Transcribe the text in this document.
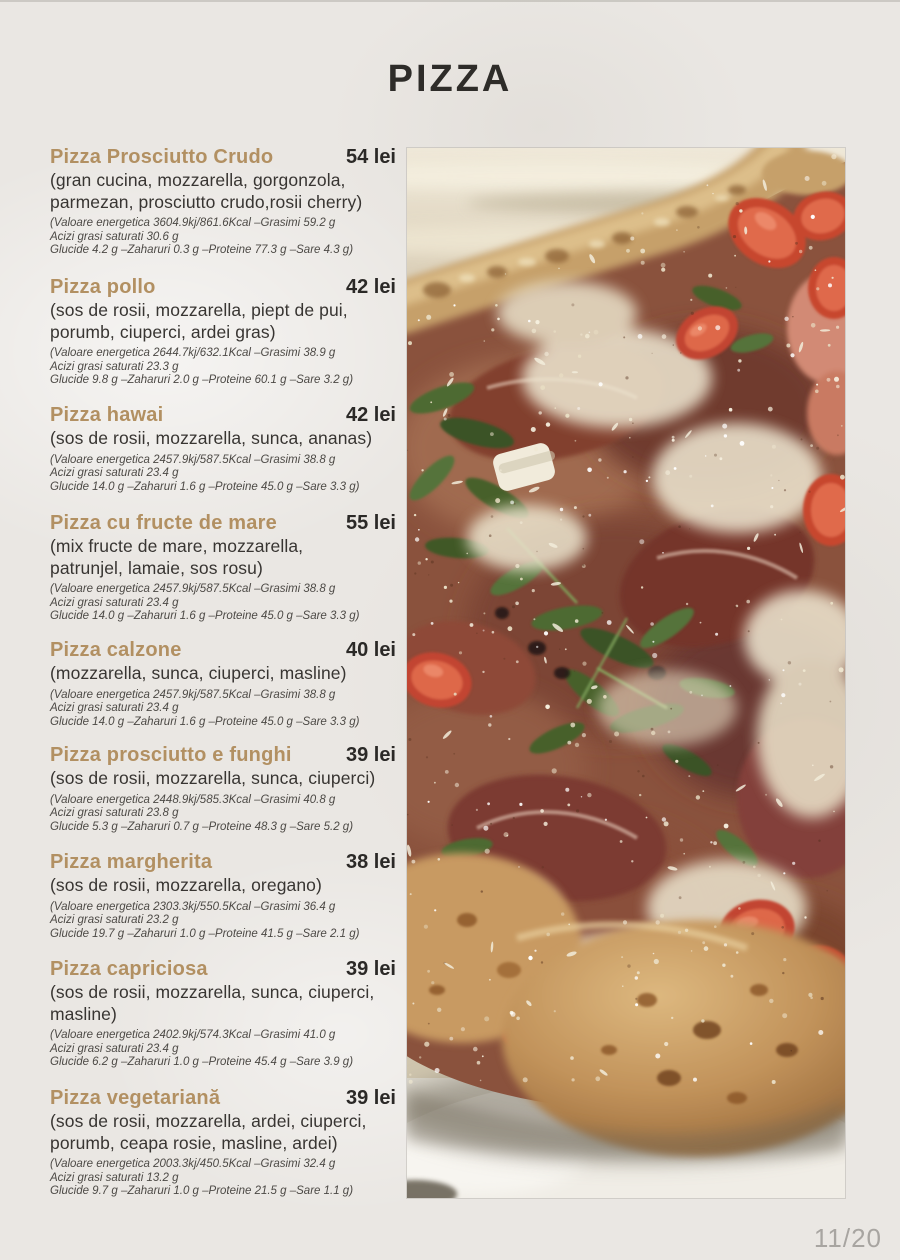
PIZZA
Pizza Prosciutto Crudo	54 lei
(gran cucina, mozzarella, gorgonzola,
parmezan, prosciutto crudo,rosii cherry)
(Valoare energetica 3604.9kj/861.6Kcal –Grasimi 59.2 g
Acizi grasi saturati 30.6 g
Glucide 4.2 g –Zaharuri 0.3 g –Proteine 77.3 g –Sare 4.3 g)
Pizza pollo	42 lei
(sos de rosii, mozzarella, piept de pui,
porumb, ciuperci, ardei gras)
(Valoare energetica 2644.7kj/632.1Kcal –Grasimi 38.9 g
Acizi grasi saturati 23.3 g
Glucide 9.8 g –Zaharuri 2.0 g –Proteine 60.1 g –Sare 3.2 g)
Pizza hawai	42 lei
(sos de rosii, mozzarella, sunca, ananas)
(Valoare energetica 2457.9kj/587.5Kcal –Grasimi 38.8 g
Acizi grasi saturati 23.4 g
Glucide 14.0 g –Zaharuri 1.6 g –Proteine 45.0 g –Sare 3.3 g)
Pizza cu fructe de mare	55 lei
(mix fructe de mare, mozzarella,
patrunjel, lamaie, sos rosu)
(Valoare energetica 2457.9kj/587.5Kcal –Grasimi 38.8 g
Acizi grasi saturati 23.4 g
Glucide 14.0 g –Zaharuri 1.6 g –Proteine 45.0 g –Sare 3.3 g)
Pizza calzone	40 lei
(mozzarella, sunca, ciuperci, masline)
(Valoare energetica 2457.9kj/587.5Kcal –Grasimi 38.8 g
Acizi grasi saturati 23.4 g
Glucide 14.0 g –Zaharuri 1.6 g –Proteine 45.0 g –Sare 3.3 g)
Pizza prosciutto e funghi	39 lei
(sos de rosii, mozzarella, sunca, ciuperci)
(Valoare energetica 2448.9kj/585.3Kcal –Grasimi 40.8 g
Acizi grasi saturati 23.8 g
Glucide 5.3 g –Zaharuri 0.7 g –Proteine 48.3 g –Sare 5.2 g)
Pizza margherita	38 lei
(sos de rosii, mozzarella, oregano)
(Valoare energetica 2303.3kj/550.5Kcal –Grasimi 36.4 g
Acizi grasi saturati 23.2 g
Glucide 19.7 g –Zaharuri 1.0 g –Proteine 41.5 g –Sare 2.1 g)
Pizza capriciosa	39 lei
(sos de rosii, mozzarella, sunca, ciuperci,
masline)
(Valoare energetica 2402.9kj/574.3Kcal –Grasimi 41.0 g
Acizi grasi saturati 23.4 g
Glucide 6.2 g –Zaharuri 1.0 g –Proteine 45.4 g –Sare 3.9 g)
Pizza vegetariană	39 lei
(sos de rosii, mozzarella, ardei, ciuperci,
porumb, ceapa rosie, masline, ardei)
(Valoare energetica 2003.3kj/450.5Kcal –Grasimi 32.4 g
Acizi grasi saturati 13.2 g
Glucide 9.7 g –Zaharuri 1.0 g –Proteine 21.5 g –Sare 1.1 g)
11/20
